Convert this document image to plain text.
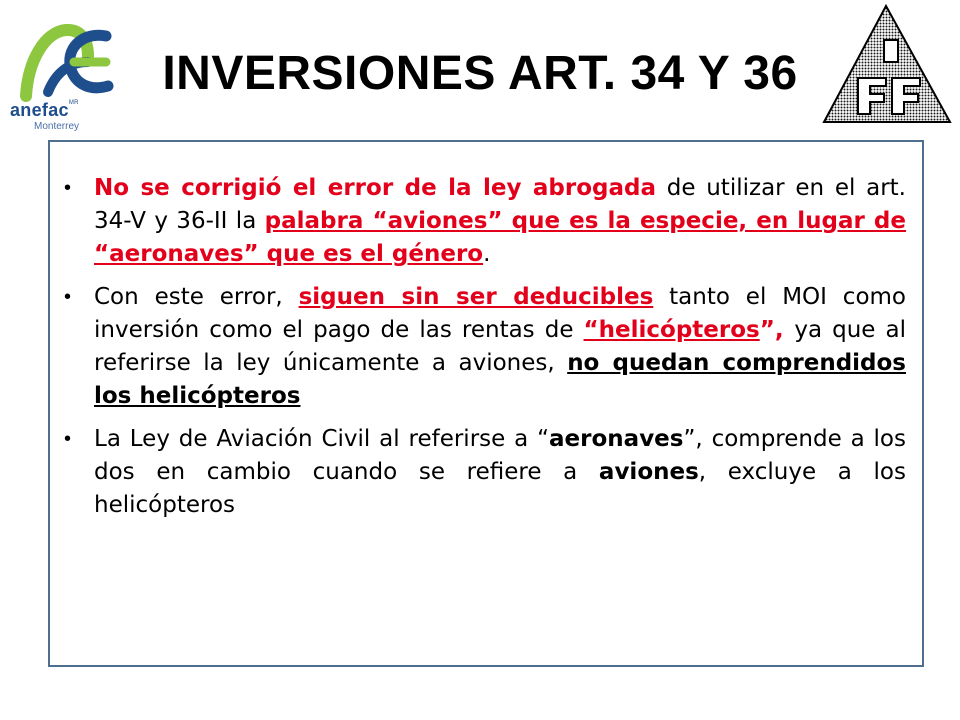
anefac$^{MR}$
Monterrey
INVERSIONES ART. 34 Y 36
• No se corrigió el error de la ley abrogada de utilizar en el art. 34-V y 36-II la palabra “aviones” que es la especie, en lugar de “aeronaves” que es el género.

• Con este error, siguen sin ser deducibles tanto el MOI como inversión como el pago de las rentas de “helicópteros”, ya que al referirse la ley únicamente a aviones, no quedan comprendidos los helicópteros

• La Ley de Aviación Civil al referirse a “aeronaves”, comprende a los dos en cambio cuando se refiere a aviones, excluye a los helicópteros
